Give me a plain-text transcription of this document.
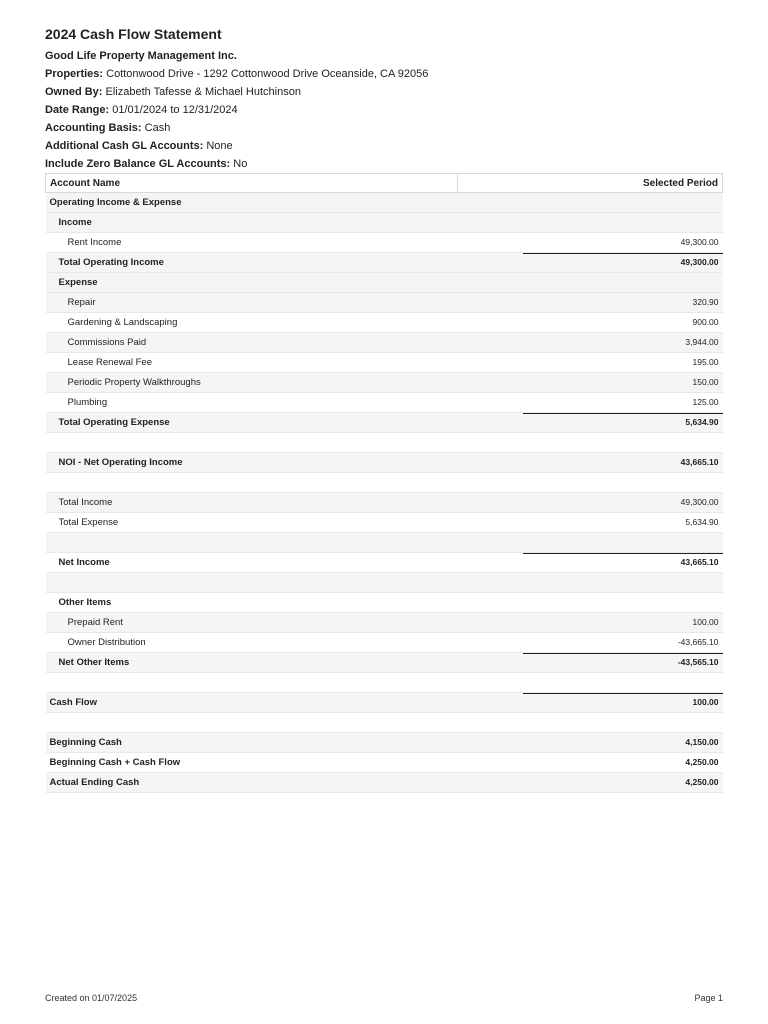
2024 Cash Flow Statement
Good Life Property Management Inc.
Properties: Cottonwood Drive - 1292 Cottonwood Drive Oceanside, CA 92056
Owned By: Elizabeth Tafesse & Michael Hutchinson
Date Range: 01/01/2024 to 12/31/2024
Accounting Basis: Cash
Additional Cash GL Accounts: None
Include Zero Balance GL Accounts: No
Account Name	Selected Period
Operating Income & Expense	
Income	
Rent Income	49,300.00
Total Operating Income	49,300.00
Expense	
Repair	320.90
Gardening & Landscaping	900.00
Commissions Paid	3,944.00
Lease Renewal Fee	195.00
Periodic Property Walkthroughs	150.00
Plumbing	125.00
Total Operating Expense	5,634.90

NOI - Net Operating Income	43,665.10

Total Income	49,300.00
Total Expense	5,634.90

Net Income	43,665.10

Other Items	
Prepaid Rent	100.00
Owner Distribution	-43,665.10
Net Other Items	-43,565.10

Cash Flow	100.00

Beginning Cash	4,150.00
Beginning Cash + Cash Flow	4,250.00
Actual Ending Cash	4,250.00
Created on 01/07/2025	Page 1
